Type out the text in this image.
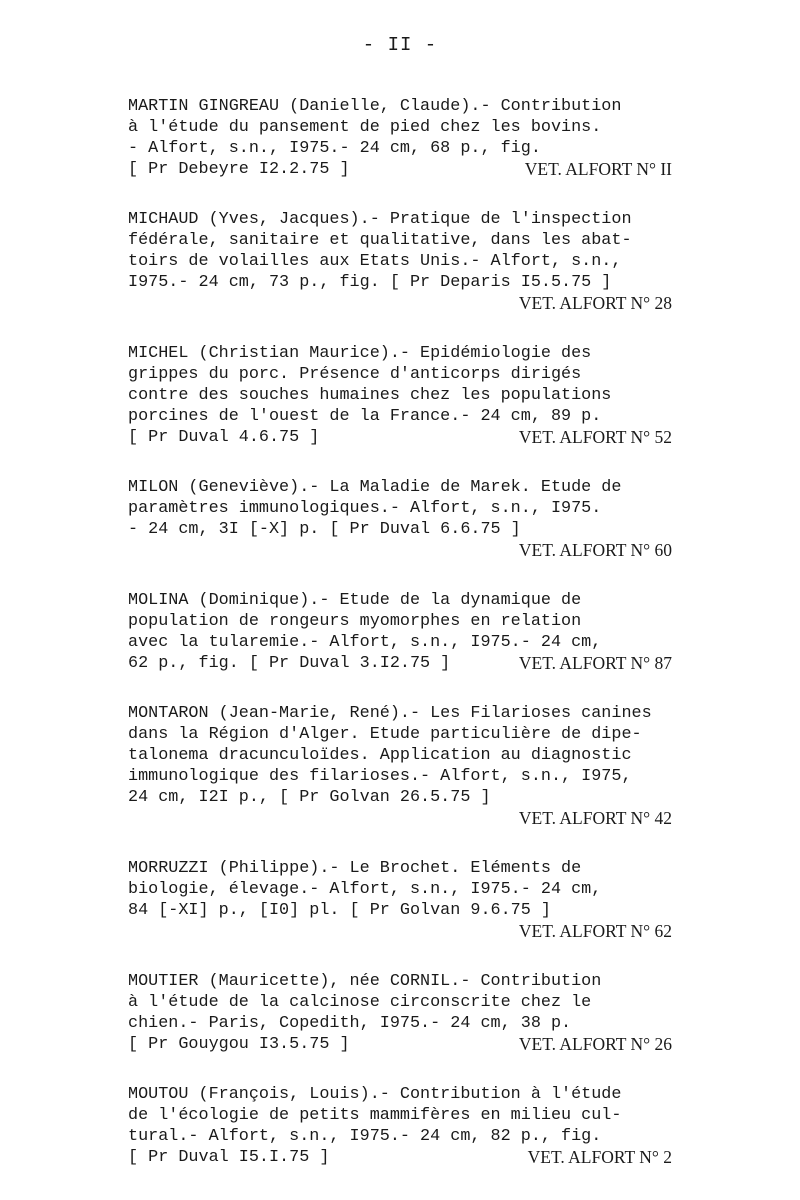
- II -
MARTIN GINGREAU (Danielle, Claude).- Contribution
à l'étude du pansement de pied chez les bovins.
- Alfort, s.n., I975.- 24 cm, 68 p., fig.
[ Pr Debeyre I2.2.75 ]	VET. ALFORT N° II
MICHAUD (Yves, Jacques).- Pratique de l'inspection
fédérale, sanitaire et qualitative, dans les abat-
toirs de volailles aux Etats Unis.- Alfort, s.n.,
I975.- 24 cm, 73 p., fig. [ Pr Deparis I5.5.75 ]
VET. ALFORT N° 28
MICHEL (Christian Maurice).- Epidémiologie des
grippes du porc. Présence d'anticorps dirigés
contre des souches humaines chez les populations
porcines de l'ouest de la France.- 24 cm, 89 p.
[ Pr Duval 4.6.75 ]	VET. ALFORT N° 52
MILON (Geneviève).- La Maladie de Marek. Etude de
paramètres immunologiques.- Alfort, s.n., I975.
- 24 cm, 3I [-X] p. [ Pr Duval 6.6.75 ]
VET. ALFORT N° 60
MOLINA (Dominique).- Etude de la dynamique de
population de rongeurs myomorphes en relation
avec la tularemie.- Alfort, s.n., I975.- 24 cm,
62 p., fig. [ Pr Duval 3.I2.75 ]	VET. ALFORT N° 87
MONTARON (Jean-Marie, René).- Les Filarioses canines
dans la Région d'Alger. Etude particulière de dipe-
talonema dracunculoïdes. Application au diagnostic
immunologique des filarioses.- Alfort, s.n., I975,
24 cm, I2I p., [ Pr Golvan 26.5.75 ]
VET. ALFORT N° 42
MORRUZZI (Philippe).- Le Brochet. Eléments de
biologie, élevage.- Alfort, s.n., I975.- 24 cm,
84 [-XI] p., [I0] pl. [ Pr Golvan 9.6.75 ]
VET. ALFORT N° 62
MOUTIER (Mauricette), née CORNIL.- Contribution
à l'étude de la calcinose circonscrite chez le
chien.- Paris, Copedith, I975.- 24 cm, 38 p.
[ Pr Gouygou I3.5.75 ]	VET. ALFORT N° 26
MOUTOU (François, Louis).- Contribution à l'étude
de l'écologie de petits mammifères en milieu cul-
tural.- Alfort, s.n., I975.- 24 cm, 82 p., fig.
[ Pr Duval I5.I.75 ]	VET. ALFORT N° 2
